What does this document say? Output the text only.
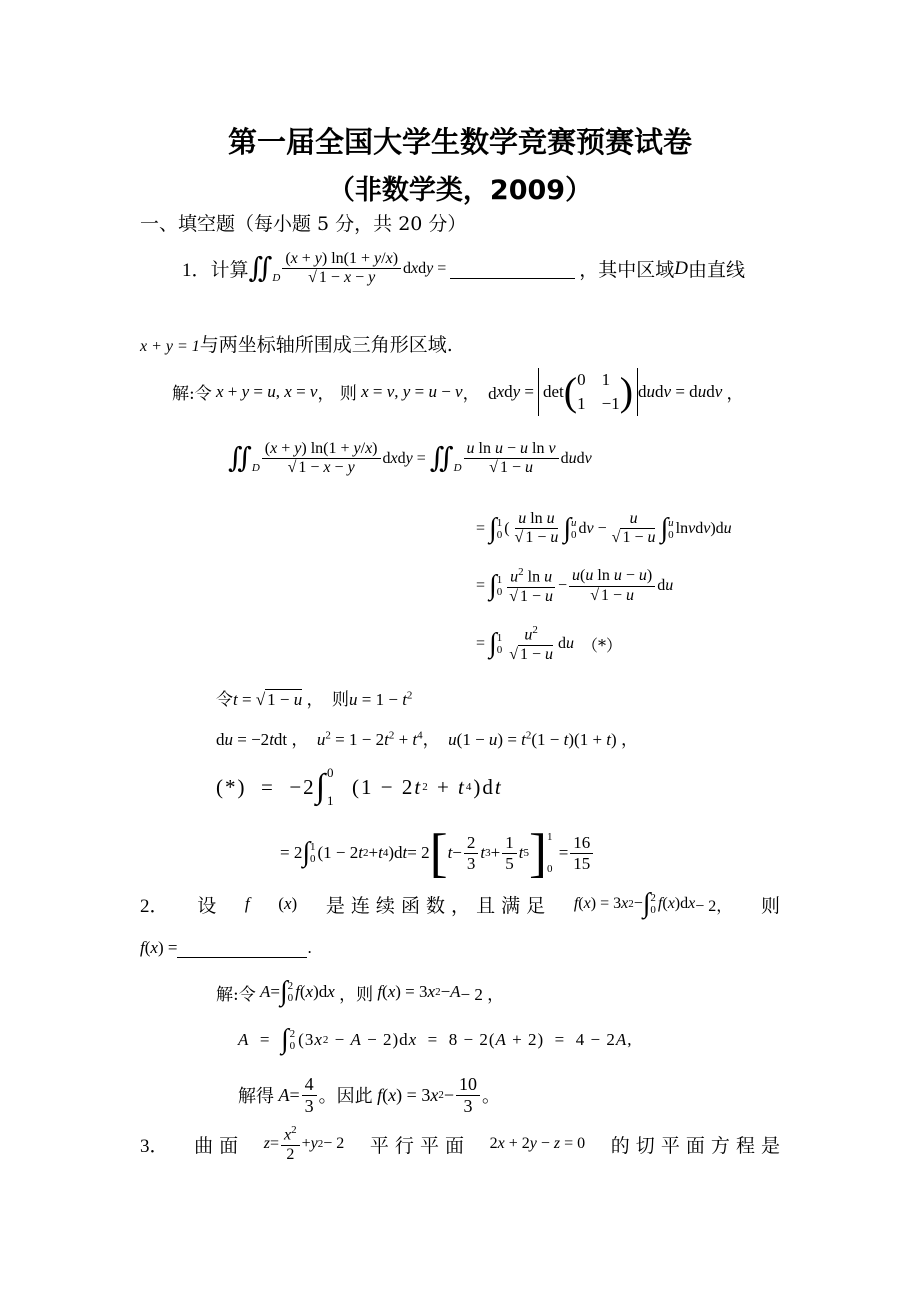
第一届全国大学生数学竞赛预赛试卷
（非数学类，2009）
一、填空题（每小题 5 分，共 20 分）
1． 计算 ∬ $_D \frac{(x + y) \ln(1 + y/x)}{√ 1 - x - y}$ dxdy =	，其中区域 D 由直线
x + y = 1与两坐标轴所围成三角形区域.
解:令
x + y = u , x = v ， 则
x = v , y = u − v ，  d x d y = det ( 0 1
1 −1 ) d u d v = d u d v ，
∬ $_D \frac{(x + y) \ln(1 + y/x)}{√ 1 - x - y}$ d x d y = ∬ $_D \frac{\text{u ln u − u ln v}}{√ 1 - u}$ d u d v
= ∫ 1
0 ( $\frac{\text{u ln u}}{√ 1 - u}$ ∫ u
0 d $v - \frac{u}{√ 1 - u}$ ∫ u
0 ln v d v )d u
= ∫ 1
$0 \frac{u^2 \ln u}{√ 1 - u} - \frac{\text{u(u ln u − u)}}{√ 1 - u}$ d u
= ∫ 1
$0 \frac{u^2}{√ 1 - u}$ d u
（*）
令t = √ 1 − u ，  则$u = 1 - t^2$
du = −2tdt ，  $u^2 = 1 - 2t^2 + t^4$，  $u(1 - u) = t^2(1 - t)(1 + t)$ ，
(*) =  −2 ∫ 0
1
(1 − 2 t 2 + t 4 )d t
= 2 ∫ 1
0 (1 − 2 t 2 + t 4 )d t = 2 [ $t - \frac{2}{3}$ t $3 + \frac{1}{5}$ t 5 ] 1
0
= $\frac{16}{15}$
2． 设 f (x) 是 连 续 函 数 ， 且 满 足 f ( x ) = 3 x 2 − ∫ 2
0 f ( x )d x − 2， 则
f(x) =	.
解:令
A = ∫ 2
0 f ( x )d x ， 则
f ( x ) = 3 x 2 − A − 2 ，
A = ∫ 2
0 (3 x 2 − A − 2)d x =  8 − 2( A + 2)  =  4 − 2 A ,
解得
$A = \frac{4}{3}$ 。因此
f ( x ) = 3 x $2 - \frac{10}{3}$ 。
3． 曲 面 $z = \frac{x^2}{2} + y$ 2 − 2 平 行 平 面 2x + 2y − z = 0 的 切 平 面 方 程 是
